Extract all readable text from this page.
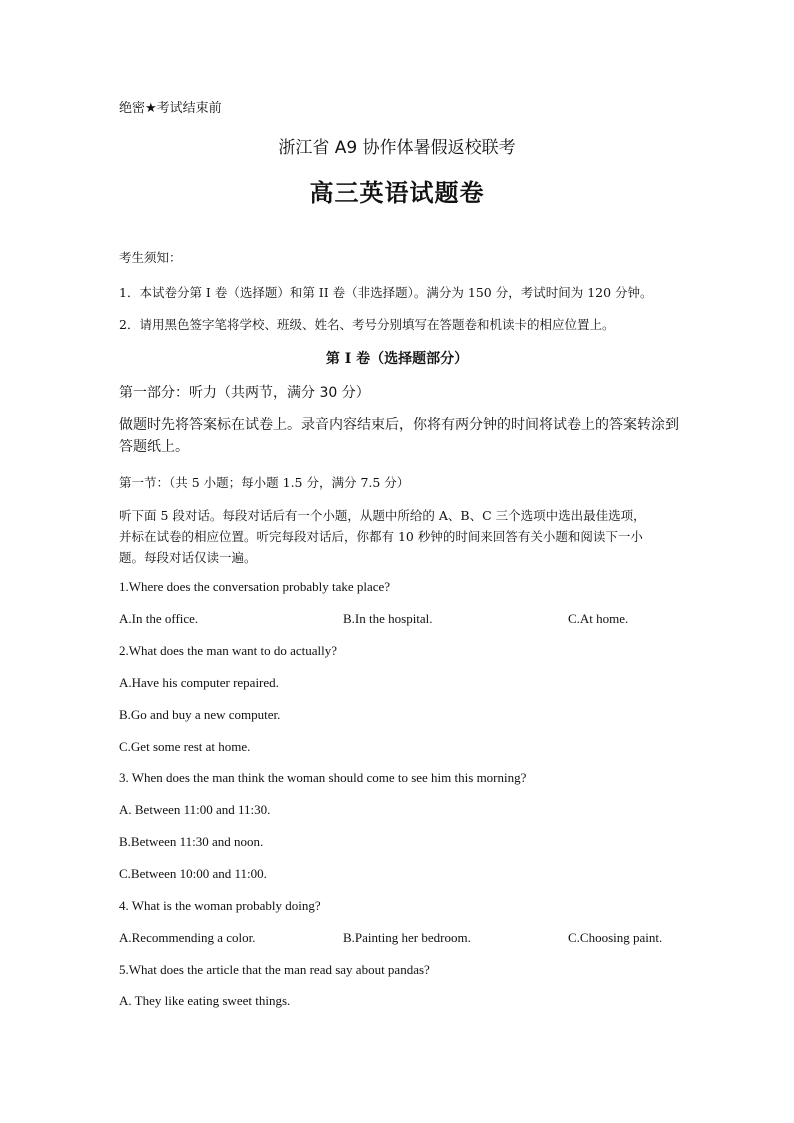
绝密★考试结束前
浙江省 A9 协作体暑假返校联考
高三英语试题卷
考生须知：
1．本试卷分第 I 卷（选择题）和第 II 卷（非选择题）。满分为 150 分，考试时间为 120 分钟。
2．请用黑色签字笔将学校、班级、姓名、考号分别填写在答题卷和机读卡的相应位置上。
第 I 卷（选择题部分）
第一部分：听力（共两节，满分 30 分）
做题时先将答案标在试卷上。录音内容结束后，你将有两分钟的时间将试卷上的答案转涂到
答题纸上。
第一节：（共 5 小题；每小题 1.5 分，满分 7.5 分）
听下面 5 段对话。每段对话后有一个小题，从题中所给的 A、B、C 三个选项中选出最佳选项，
并标在试卷的相应位置。听完每段对话后，你都有 10 秒钟的时间来回答有关小题和阅读下一小
题。每段对话仅读一遍。
1.Where does the conversation probably take place?
A.In the office.	B.In the hospital.	C.At home.
2.What does the man want to do actually?
A.Have his computer repaired.
B.Go and buy a new computer.
C.Get some rest at home.
3. When does the man think the woman should come to see him this morning?
A. Between 11:00 and 11:30.
B.Between 11:30 and noon.
C.Between 10:00 and 11:00.
4. What is the woman probably doing?
A.Recommending a color.	B.Painting her bedroom.	C.Choosing paint.
5.What does the article that the man read say about pandas?
A. They like eating sweet things.
